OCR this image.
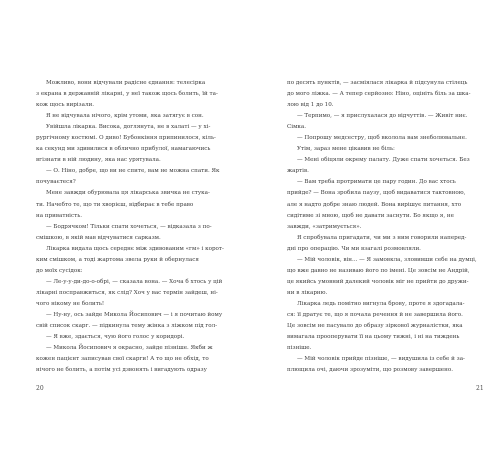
Можливо, вони відчували радісне єднання: телесірка

з екрана в державній лікарні, у неї також щось болить, їй та-

кож щось вирізали.

Я не відчувала нічого, крім утоми, яка затягує в сон.

Увійшла лікарка. Висока, доглянута, не в халаті — у хі-

рургічному костюмі. О диво! Бубонкіння припинилося, кіль-

ка секунд ми здивилися в облично прибулої, намагаючись

вгізнати в ній людину, яка нас урятувала.

— О. Ніно, добре, що ви не спите, вам не можна спати. Як

почуваєтеся?

Мене завжди обурювала ця лікарська звичка не стука-

ти. Начебто те, що ти хворієш, відбирає в тебе право

на приватність.

— Бодрячком! Тільки спати хочеться, — відказала з по-

смішкою, в якій мав відчуватися сарказм.

Лікарка видала щось середнє між здивованим «гм» і корот-

ким смішком, а тоді жартома звела руки й обернулася

до моїх сусідок:

— Ле-у-у-ди-до-о-обрі, — сказала вона. — Хоча б хтось у цій

лікарні посправжиться, як слід? Хоч у вас термін зайдеш, ні-

чого нікому не болить!

— Ну-ну, ось зайде Микола Йосипович — і я почитаю йому

свій список скарг. — підкинула тему жінка з ліжком під гол-

— Я вже, здається, чую його голос у коридорі.

— Микола Йосипович я окрасно, зайде пізніше. Якби ж

кожен пацієнт записував свої скарги! А то що не обхід, то

нічого не болить, а потім усі дзвонять і вигадують одразу

по десять пунктів, — засміялася лікарка й підсунула стілець

до мого ліжка. — А тепер серйозно: Ніно, оцініть біль за шка-

лою від 1 до 10.

— Терпимо, — я прислухалася до відчуттів. — Живіт ниє.

Сімка.

— Попрошу медсестру, щоб вколола вам знеболювальне.

Утім, зараз мене цікавив не біль:

— Мені обіцяли окрему палату. Дуже спати хочеться. Без

жартів.

— Вам треба протримати це пару годин. До вас хтось

прийде? — Вона зробила паузу, щоб видаватися тактовною,

але я надто добре знаю людей. Вона вирішує питання, хто

сидітиме зі мною, щоб не давати заснути. Бо якщо я, не

завжди, «затримується».

Я спробувала пригадати, чи ми з ним говорили наперед-

дні про операцію. Чи ми взагалі розмовляли.

— Мій чоловік, він... — Я замовкла, зловивши себе на думці,

що вже давно не називаю його по імені. Це зовсім не Андрій,

це якийсь умовний далекий чоловік міг не прийти до дружи-

ни в лікарню.

Лікарка ледь помітно вигнула брову, проте я здогадала-

ся: її дратує те, що я почала речення й не завершила його.

Це зовсім не пасувало до образу зіркової журналістки, яка

вимагала прооперувати її на цьому тижні, і ні на тиждень

пізніше.

— Мій чоловік прийде пізніше, — видушила із себе й за-

плющила очі, даючи зрозуміти, що розмову завершено.

20	21
